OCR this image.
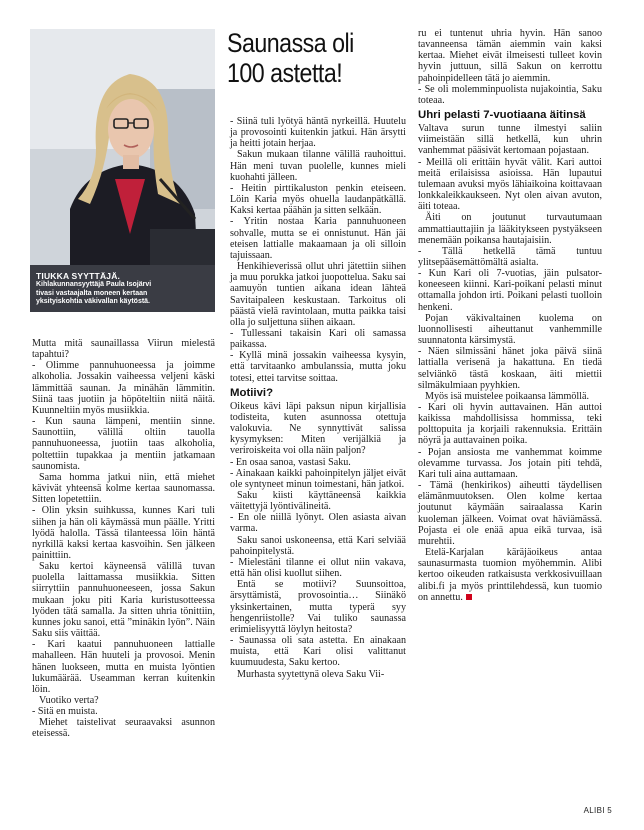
TIUKKA SYYTTÄJÄ.
Kihlakunnansyyttäjä Paula Isojärvi
tivasi vastaajalta moneen kertaan
yksityiskohtia väkivallan käytöstä.
Saunassa oli
100 astetta!

Mutta mitä saunaillassa Viirun mielestä tapahtui?

- Olimme pannuhuoneessa ja joimme alkoholia. Jossakin vaiheessa veljeni käski lämmittää saunan. Ja minähän lämmitin. Siinä taas juotiin ja höpöteltiin niitä näitä. Kuunneltiin myös musiikkia.

- Kun sauna lämpeni, mentiin sinne. Saunottiin, välillä oltiin tauolla pannuhuoneessa, juotiin taas alkoholia, poltettiin tupakkaa ja mentiin jatkamaan saunomista.

Sama homma jatkui niin, että miehet kävivät yhteensä kolme kertaa saunomassa. Sitten lopetettiin.

- Olin yksin suihkussa, kunnes Kari tuli siihen ja hän oli käymässä mun päälle. Yritti lyödä halolla. Tässä tilanteessa löin häntä nyrkillä kaksi kertaa kasvoihin. Sen jälkeen painittiin.

Saku kertoi käyneensä välillä tuvan puolella laittamassa musiikkia. Sitten siirryttiin pannuhuoneeseen, jossa Sakun mukaan joku piti Karia kuristusotteessa lyöden tätä samalla. Ja sitten uhria tönittiin, kunnes joku sanoi, että ”minäkin lyön”. Näin Saku siis väittää.

- Kari kaatui pannuhuoneen lattialle mahalleen. Hän huuteli ja provosoi. Menin hänen luokseen, mutta en muista lyöntien lukumäärää. Useamman kerran kuitenkin löin.

Vuotiko verta?

- Sitä en muista.

Miehet taistelivat seuraavaksi asunnon eteisessä.

- Siinä tuli lyötyä häntä nyrkeillä. Huutelu ja provosointi kuitenkin jatkui. Hän ärsytti ja heitti jotain herjaa.

Sakun mukaan tilanne välillä rauhoittui. Hän meni tuvan puolelle, kunnes mieli kuohahti jälleen.

- Heitin pirttikaluston penkin eteiseen. Löin Karia myös ohuella laudanpätkällä. Kaksi kertaa päähän ja sitten selkään.

- Yritin nostaa Karia pannuhuoneen sohvalle, mutta se ei onnistunut. Hän jäi eteisen lattialle makaamaan ja oli silloin tajuissaan.

Henkihieverissä ollut uhri jätettiin siihen ja muu porukka jatkoi juopottelua. Saku sai aamuyön tuntien aikana idean lähteä Savitaipaleen keskustaan. Tarkoitus oli päästä vielä ravintolaan, mutta paikka taisi olla jo suljettuna siihen aikaan.

- Tullessani takaisin Kari oli samassa paikassa.

- Kyllä minä jossakin vaiheessa kysyin, että tarvitaanko ambulanssia, mutta joku totesi, ettei tarvitse soittaa.

Motiivi?

Oikeus kävi läpi paksun nipun kirjallisia todisteita, kuten asunnossa otettuja valokuvia. Ne synnyttivät salissa kysymyksen: Miten verijälkiä ja veriroiskeita voi olla näin paljon?

- En osaa sanoa, vastasi Saku.

- Ainakaan kaikki pahoinpitelyn jäljet eivät ole syntyneet minun toimestani, hän jatkoi.

Saku kiisti käyttäneensä kaikkia väitettyjä lyöntivälineitä.

- En ole niillä lyönyt. Olen asiasta aivan varma.

Saku sanoi uskoneensa, että Kari selviää pahoinpitelystä.

- Mielestäni tilanne ei ollut niin vakava, että hän olisi kuollut siihen.

Entä se motiivi? Suunsoittoa, ärsyttämistä, provosointia… Siinäkö yksinkertainen, mutta typerä syy hengenriistolle? Vai tuliko saunassa erimielisyyttä löylyn heitosta?

- Saunassa oli sata astetta. En ainakaan muista, että Kari olisi valittanut kuumuudesta, Saku kertoo.

Murhasta syytettynä oleva Saku Vii-

ru ei tuntenut uhria hyvin. Hän sanoo tavanneensa tämän aiemmin vain kaksi kertaa. Miehet eivät ilmeisesti tulleet kovin hyvin juttuun, sillä Sakun on kerrottu pahoinpidelleen tätä jo aiemmin.

- Se oli molemminpuolista nujakointia, Saku toteaa.

Uhri pelasti 7-vuotiaana äitinsä

Valtava surun tunne ilmestyi saliin viimeistään sillä hetkellä, kun uhrin vanhemmat pääsivät kertomaan pojastaan.

- Meillä oli erittäin hyvät välit. Kari auttoi meitä erilaisissa asioissa. Hän lupautui tulemaan avuksi myös lähiaikoina koittavaan lonkkaleikkaukseen. Nyt olen aivan avuton, äiti toteaa.

Äiti on joutunut turvautumaan ammattiauttajiin ja lääkitykseen pystyäkseen menemään poikansa hautajaisiin.

- Tällä hetkellä tämä tuntuu ylitsepääsemättömältä asialta.

- Kun Kari oli 7-vuotias, jäin pulsator-koneeseen kiinni. Kari-poikani pelasti minut ottamalla johdon irti. Poikani pelasti tuolloin henkeni.

Pojan väkivaltainen kuolema on luonnollisesti aiheuttanut vanhemmille suunnatonta kärsimystä.

- Näen silmissäni hänet joka päivä siinä lattialla verisenä ja hakattuna. En tiedä selviänkö tästä koskaan, äiti miettii silmäkulmiaan pyyhkien.

Myös isä muistelee poikaansa lämmöllä.

- Kari oli hyvin auttavainen. Hän auttoi kaikissa mahdollisissa hommissa, teki polttopuita ja korjaili rakennuksia. Erittäin nöyrä ja auttavainen poika.

- Pojan ansiosta me vanhemmat koimme olevamme turvassa. Jos jotain piti tehdä, Kari tuli aina auttamaan.

- Tämä (henkirikos) aiheutti täydellisen elämänmuutoksen. Olen kolme kertaa joutunut käymään sairaalassa Karin kuoleman jälkeen. Voimat ovat häviämässä. Pojasta ei ole enää apua eikä turvaa, isä murehtii.

Etelä-Karjalan käräjäoikeus antaa saunasurmasta tuomion myöhemmin. Alibi kertoo oikeuden ratkaisusta verkkosivuillaan alibi.fi ja myös printtilehdessä, kun tuomio on annettu.

ALIBI 5
